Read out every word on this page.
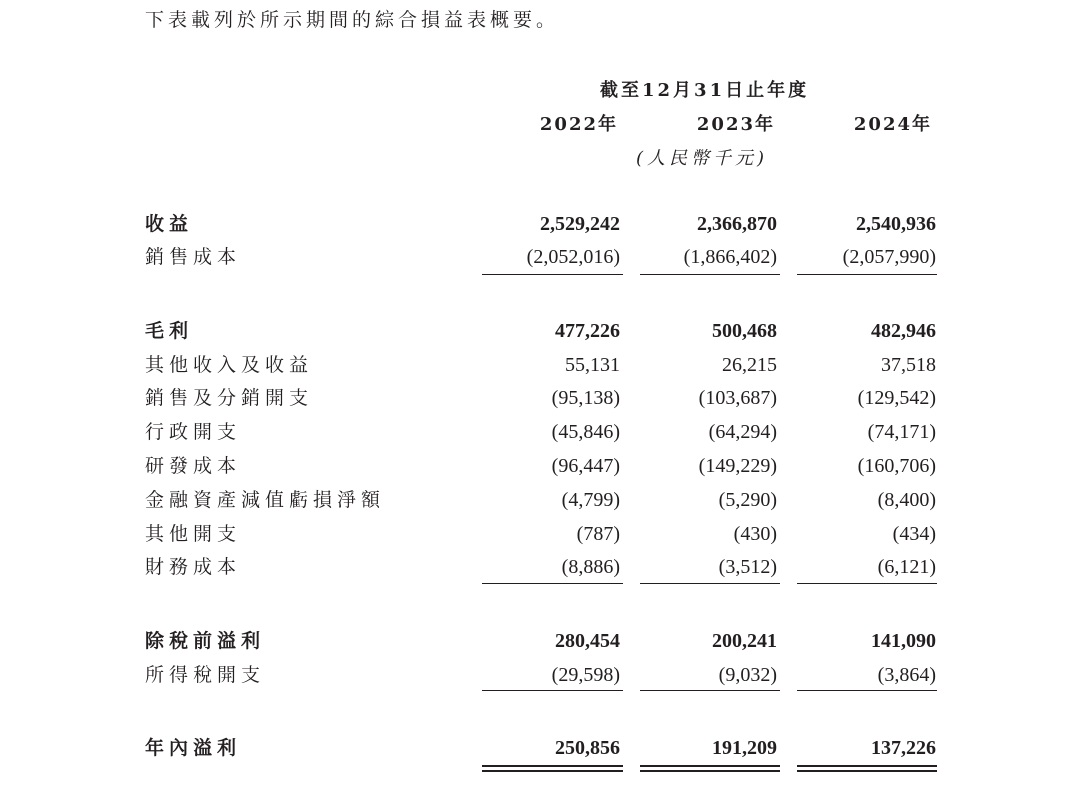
下表載列於所示期間的綜合損益表概要。
截至12月31日止年度
2022年	2023年	2024年
(人民幣千元)
收益	2,529,242	2,366,870	2,540,936
銷售成本	(2,052,016)	(1,866,402)	(2,057,990)
毛利	477,226	500,468	482,946
其他收入及收益	55,131	26,215	37,518
銷售及分銷開支	(95,138)	(103,687)	(129,542)
行政開支	(45,846)	(64,294)	(74,171)
研發成本	(96,447)	(149,229)	(160,706)
金融資產減值虧損淨額	(4,799)	(5,290)	(8,400)
其他開支	(787)	(430)	(434)
財務成本	(8,886)	(3,512)	(6,121)
除稅前溢利	280,454	200,241	141,090
所得稅開支	(29,598)	(9,032)	(3,864)
年內溢利	250,856	191,209	137,226
